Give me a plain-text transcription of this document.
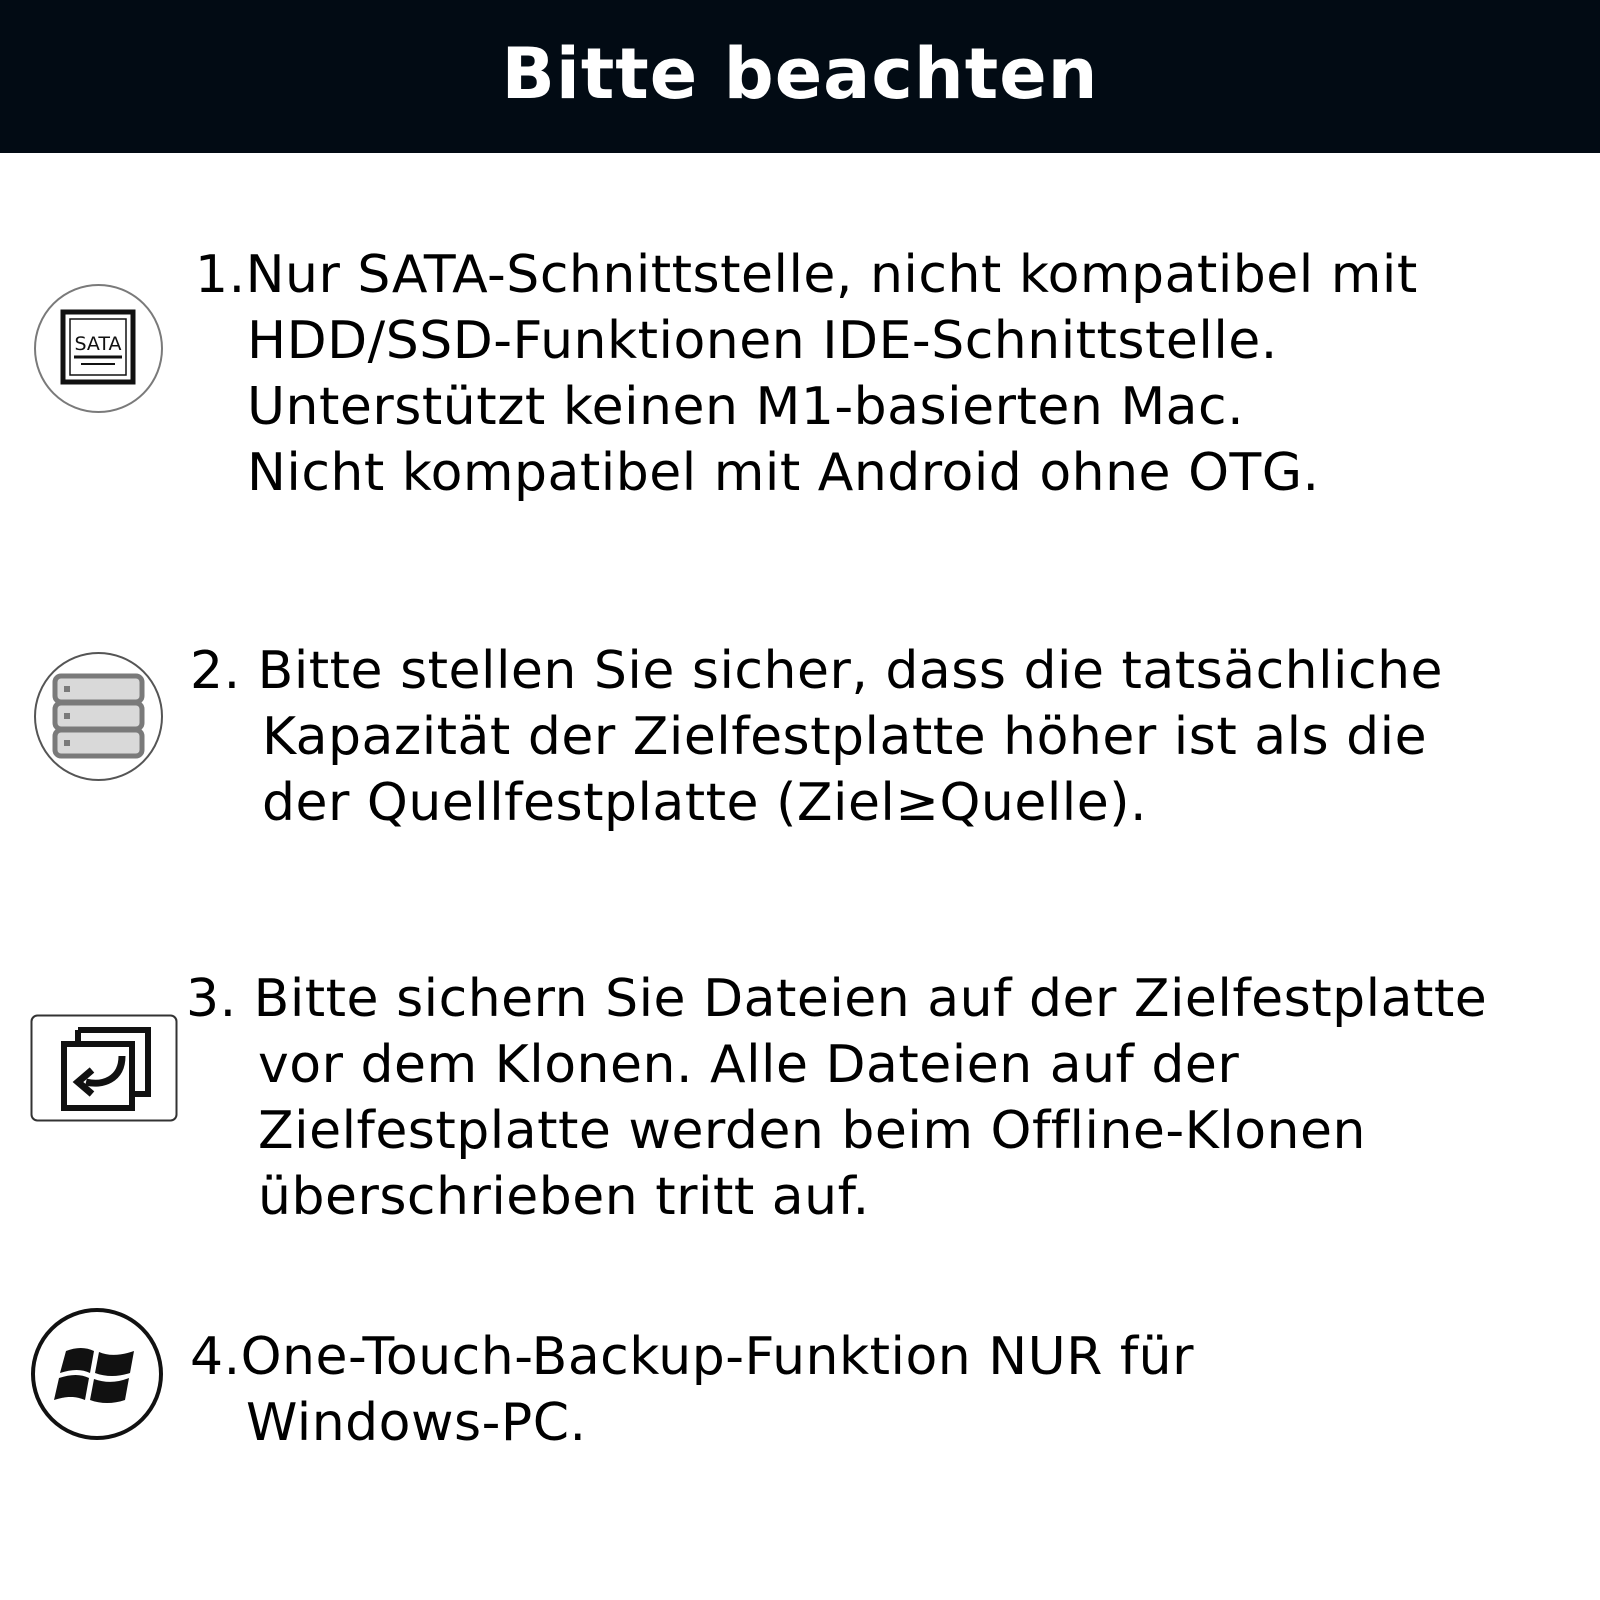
Bitte beachten
SATA
1.Nur SATA-Schnittstelle, nicht kompatibel mit
HDD/SSD-Funktionen IDE-Schnittstelle.
Unterstützt keinen M1-basierten Mac.
Nicht kompatibel mit Android ohne OTG.
2. Bitte stellen Sie sicher, dass die tatsächliche
Kapazität der Zielfestplatte höher ist als die
der Quellfestplatte (Ziel≥Quelle).
3. Bitte sichern Sie Dateien auf der Zielfestplatte
vor dem Klonen. Alle Dateien auf der
Zielfestplatte werden beim Offline-Klonen
überschrieben tritt auf.
4.One-Touch-Backup-Funktion NUR für
Windows-PC.
